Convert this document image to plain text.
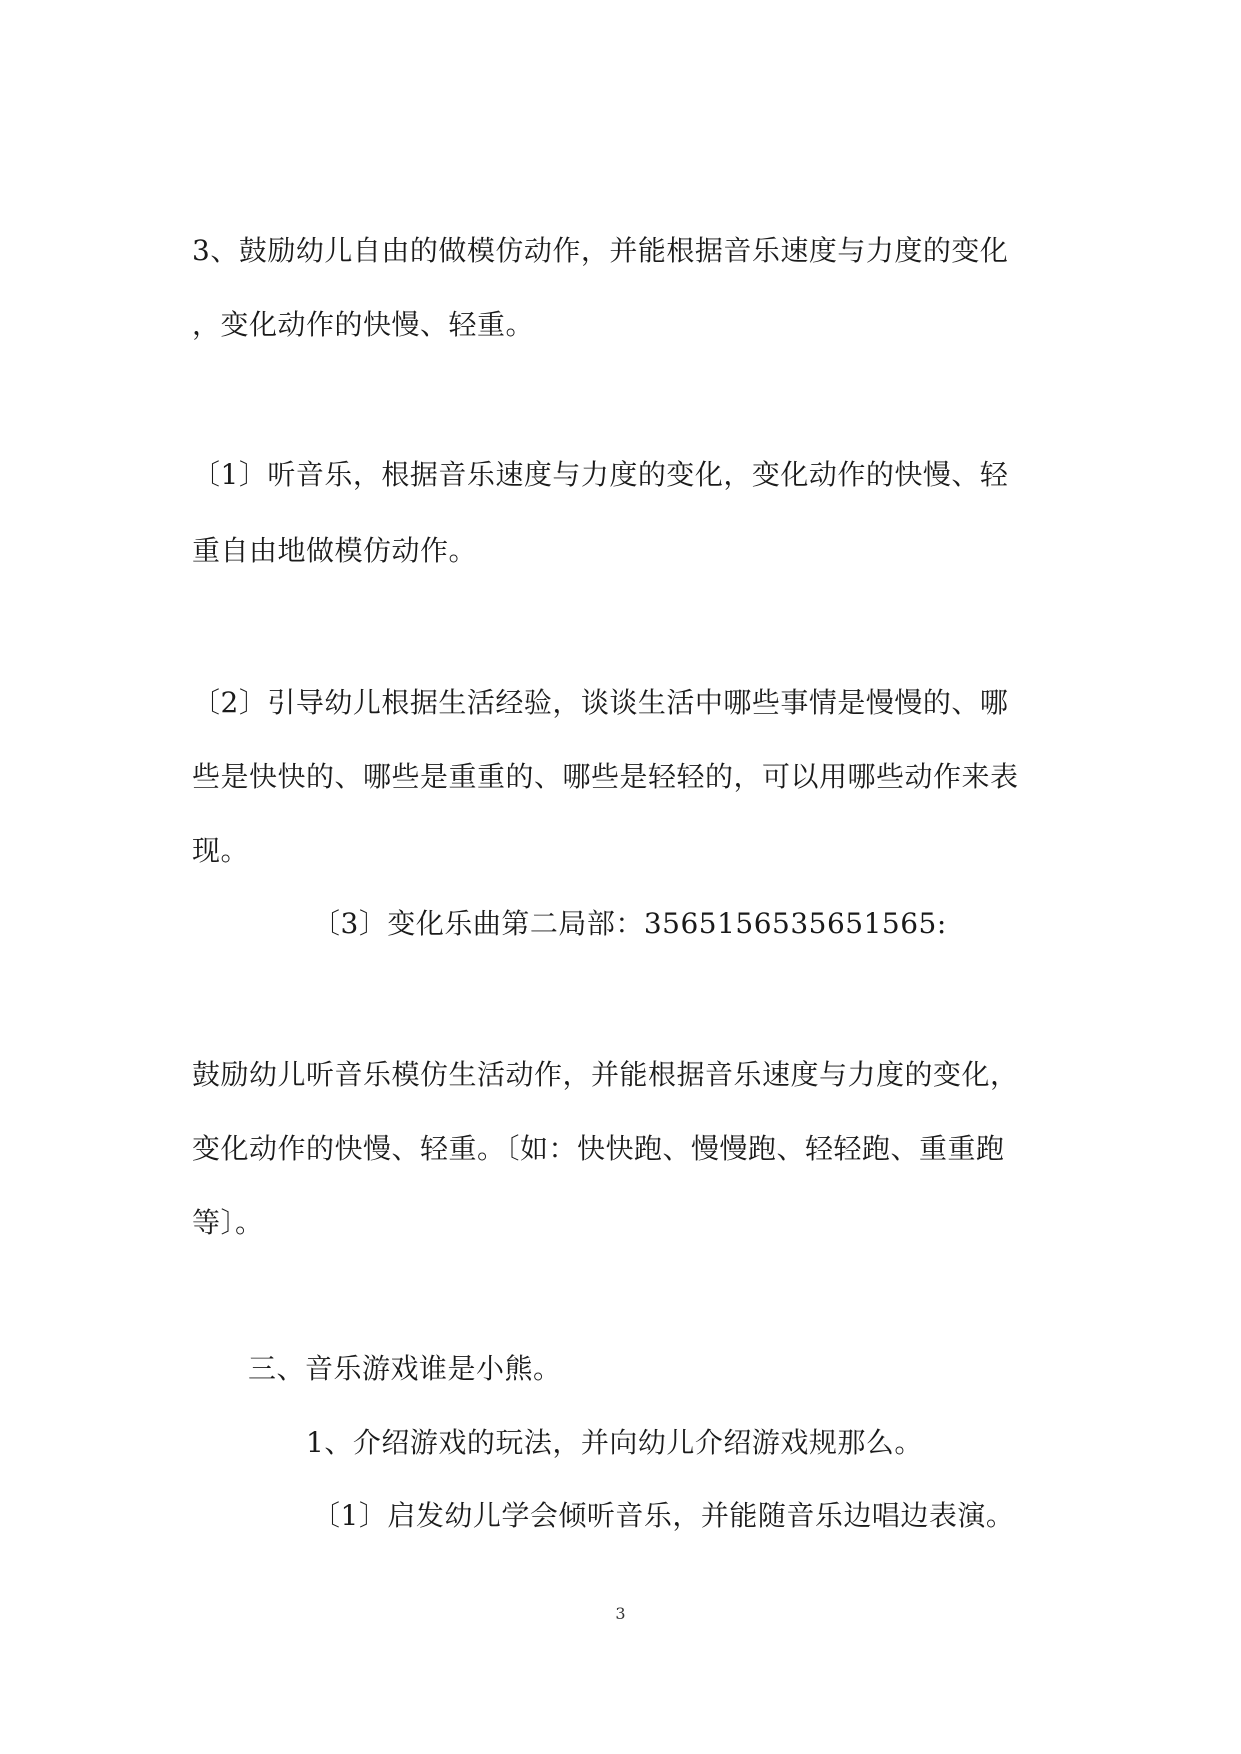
3、鼓励幼儿自由的做模仿动作，并能根据音乐速度与力度的变化
，变化动作的快慢、轻重。
〔1〕听音乐，根据音乐速度与力度的变化，变化动作的快慢、轻
重自由地做模仿动作。
〔2〕引导幼儿根据生活经验，谈谈生活中哪些事情是慢慢的、哪
些是快快的、哪些是重重的、哪些是轻轻的，可以用哪些动作来表
现。
〔3〕变化乐曲第二局部：3565156535651565:
鼓励幼儿听音乐模仿生活动作，并能根据音乐速度与力度的变化，
变化动作的快慢、轻重。〔如：快快跑、慢慢跑、轻轻跑、重重跑
等〕。
三、音乐游戏谁是小熊。
1、介绍游戏的玩法，并向幼儿介绍游戏规那么。
〔1〕启发幼儿学会倾听音乐，并能随音乐边唱边表演。
3
